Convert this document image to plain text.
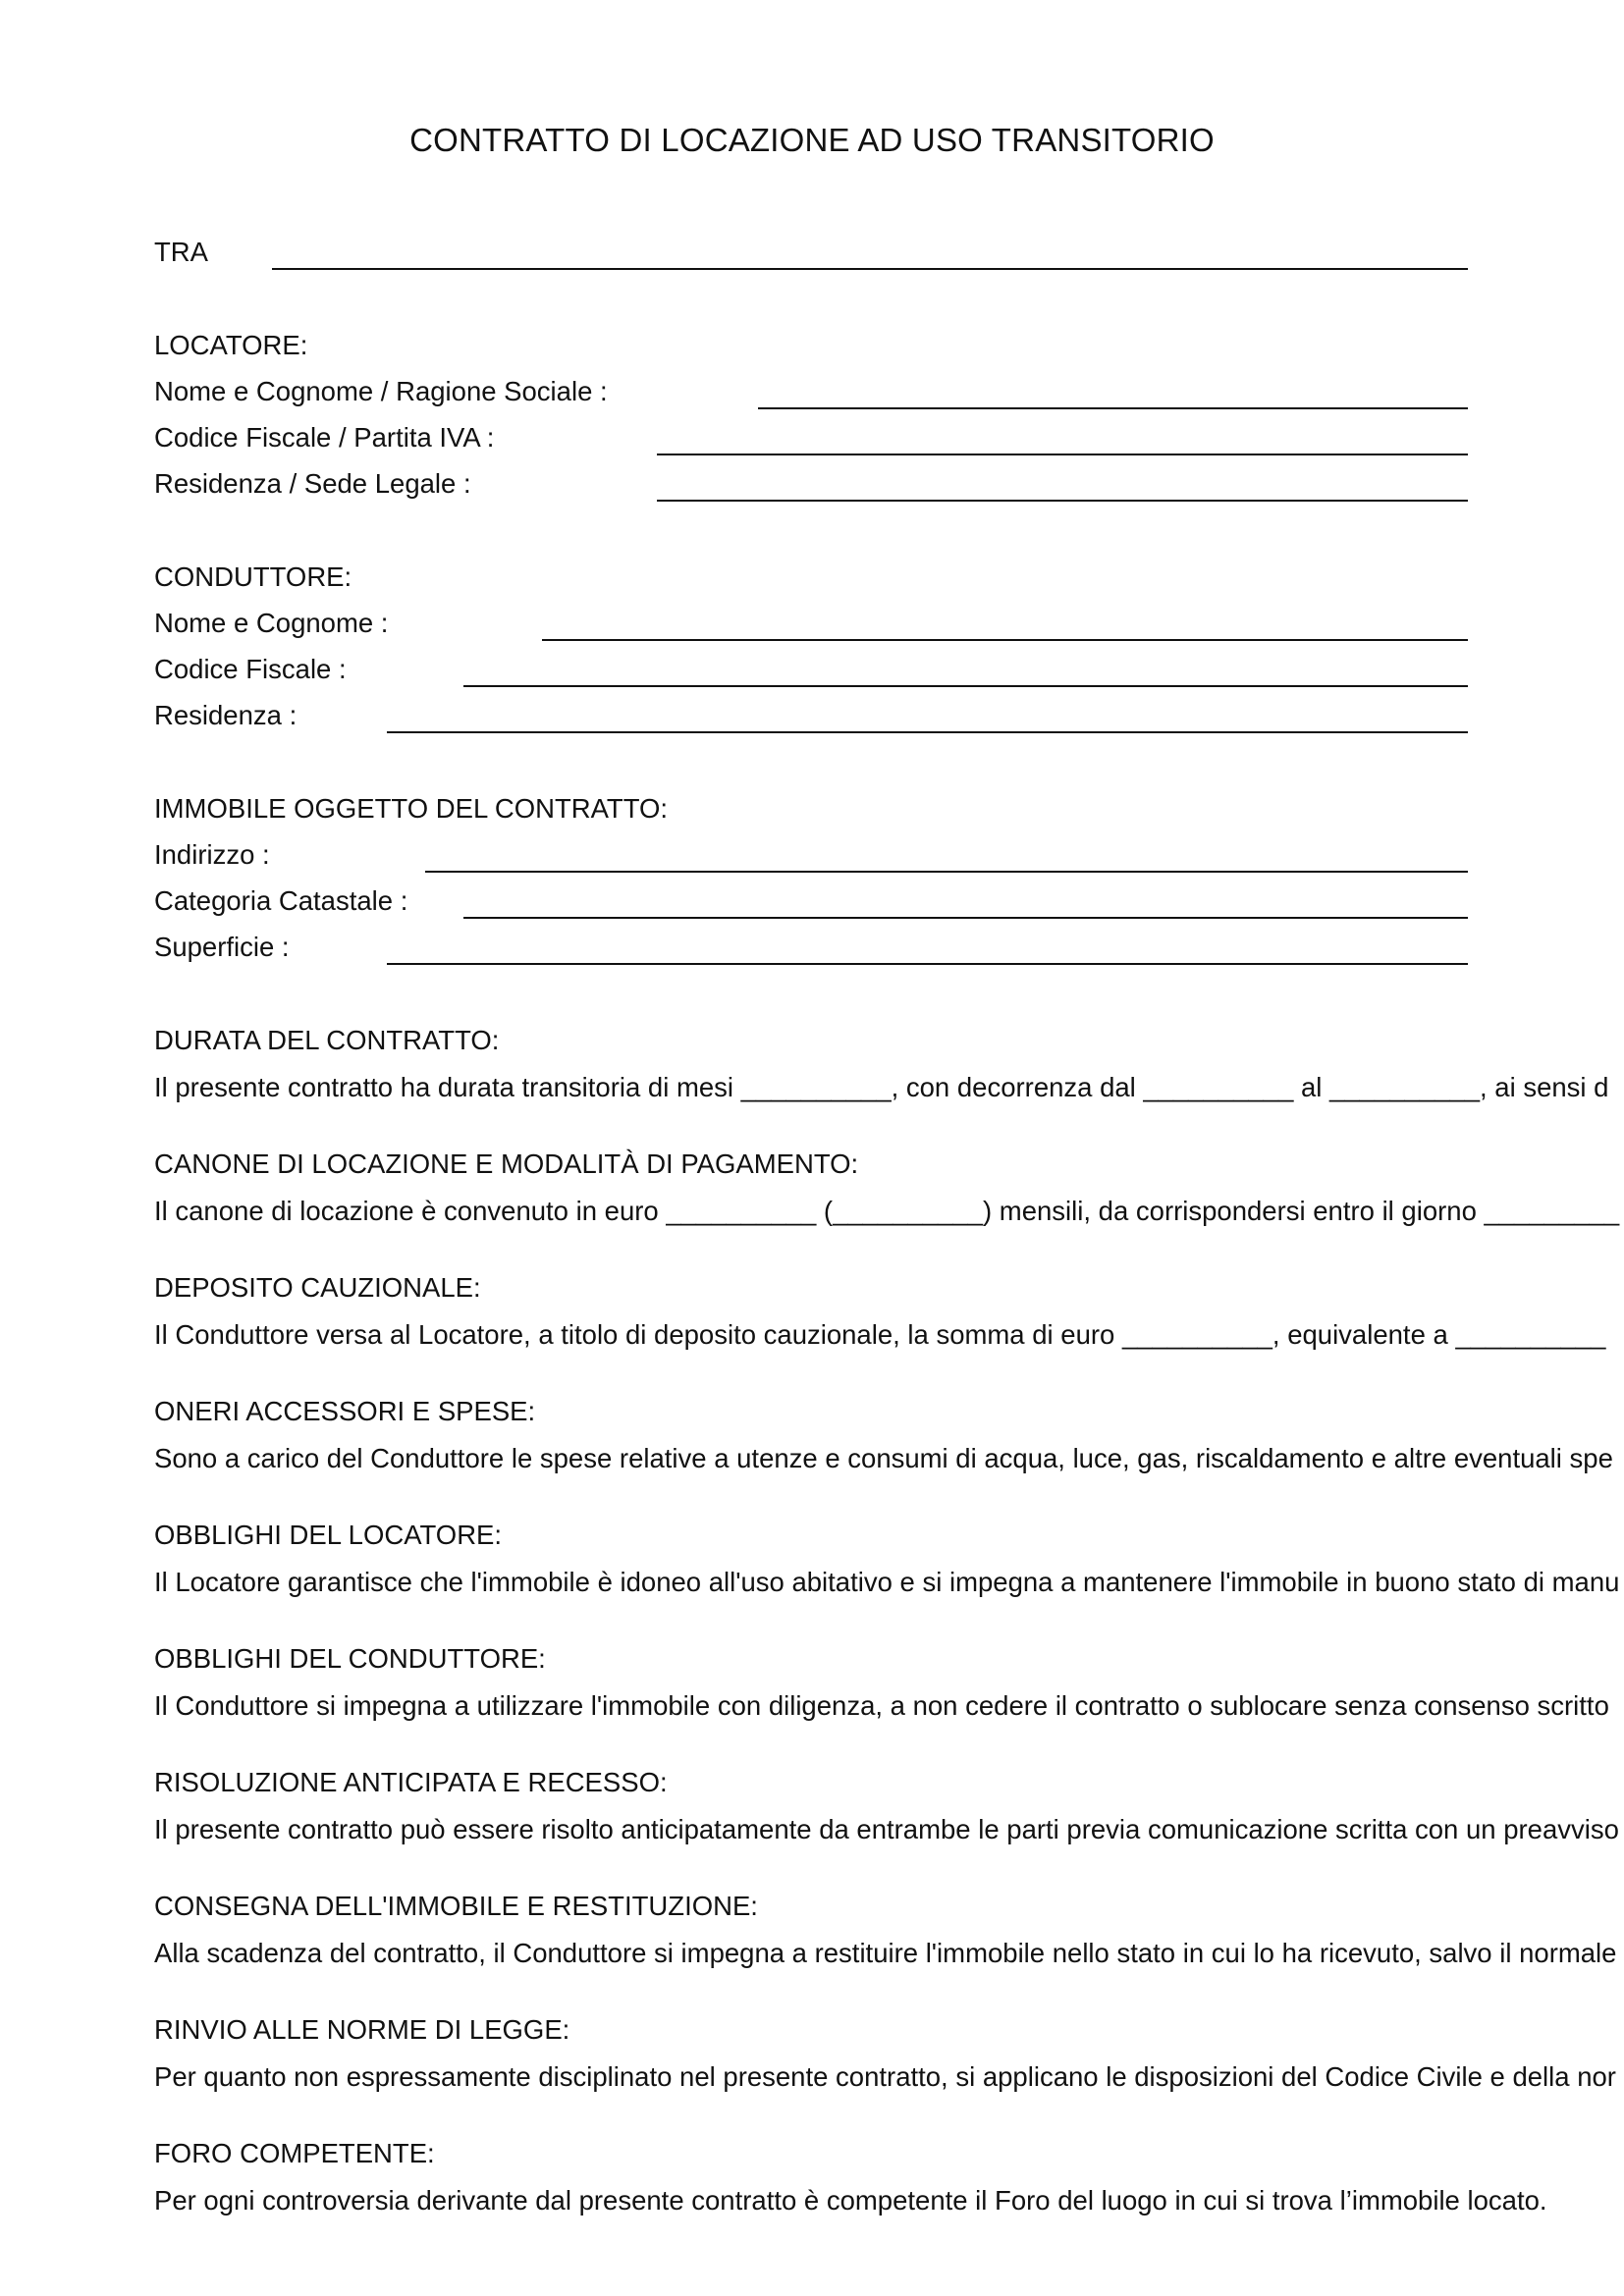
CONTRATTO DI LOCAZIONE AD USO TRANSITORIO
TRA
LOCATORE:
Nome e Cognome / Ragione Sociale :
Codice Fiscale / Partita IVA :
Residenza / Sede Legale :
CONDUTTORE:
Nome e Cognome :
Codice Fiscale :
Residenza :
IMMOBILE OGGETTO DEL CONTRATTO:
Indirizzo :
Categoria Catastale :
Superficie :
DURATA DEL CONTRATTO:
Il presente contratto ha durata transitoria di mesi __________, con decorrenza dal __________ al __________, ai sensi d
CANONE DI LOCAZIONE E MODALITÀ DI PAGAMENTO:
Il canone di locazione è convenuto in euro __________ (__________) mensili, da corrispondersi entro il giorno _________
DEPOSITO CAUZIONALE:
Il Conduttore versa al Locatore, a titolo di deposito cauzionale, la somma di euro __________, equivalente a __________
ONERI ACCESSORI E SPESE:
Sono a carico del Conduttore le spese relative a utenze e consumi di acqua, luce, gas, riscaldamento e altre eventuali spe
OBBLIGHI DEL LOCATORE:
Il Locatore garantisce che l'immobile è idoneo all'uso abitativo e si impegna a mantenere l'immobile in buono stato di manu
OBBLIGHI DEL CONDUTTORE:
Il Conduttore si impegna a utilizzare l'immobile con diligenza, a non cedere il contratto o sublocare senza consenso scritto
RISOLUZIONE ANTICIPATA E RECESSO:
Il presente contratto può essere risolto anticipatamente da entrambe le parti previa comunicazione scritta con un preavviso
CONSEGNA DELL'IMMOBILE E RESTITUZIONE:
Alla scadenza del contratto, il Conduttore si impegna a restituire l'immobile nello stato in cui lo ha ricevuto, salvo il normale
RINVIO ALLE NORME DI LEGGE:
Per quanto non espressamente disciplinato nel presente contratto, si applicano le disposizioni del Codice Civile e della nor
FORO COMPETENTE:
Per ogni controversia derivante dal presente contratto è competente il Foro del luogo in cui si trova l’immobile locato.
